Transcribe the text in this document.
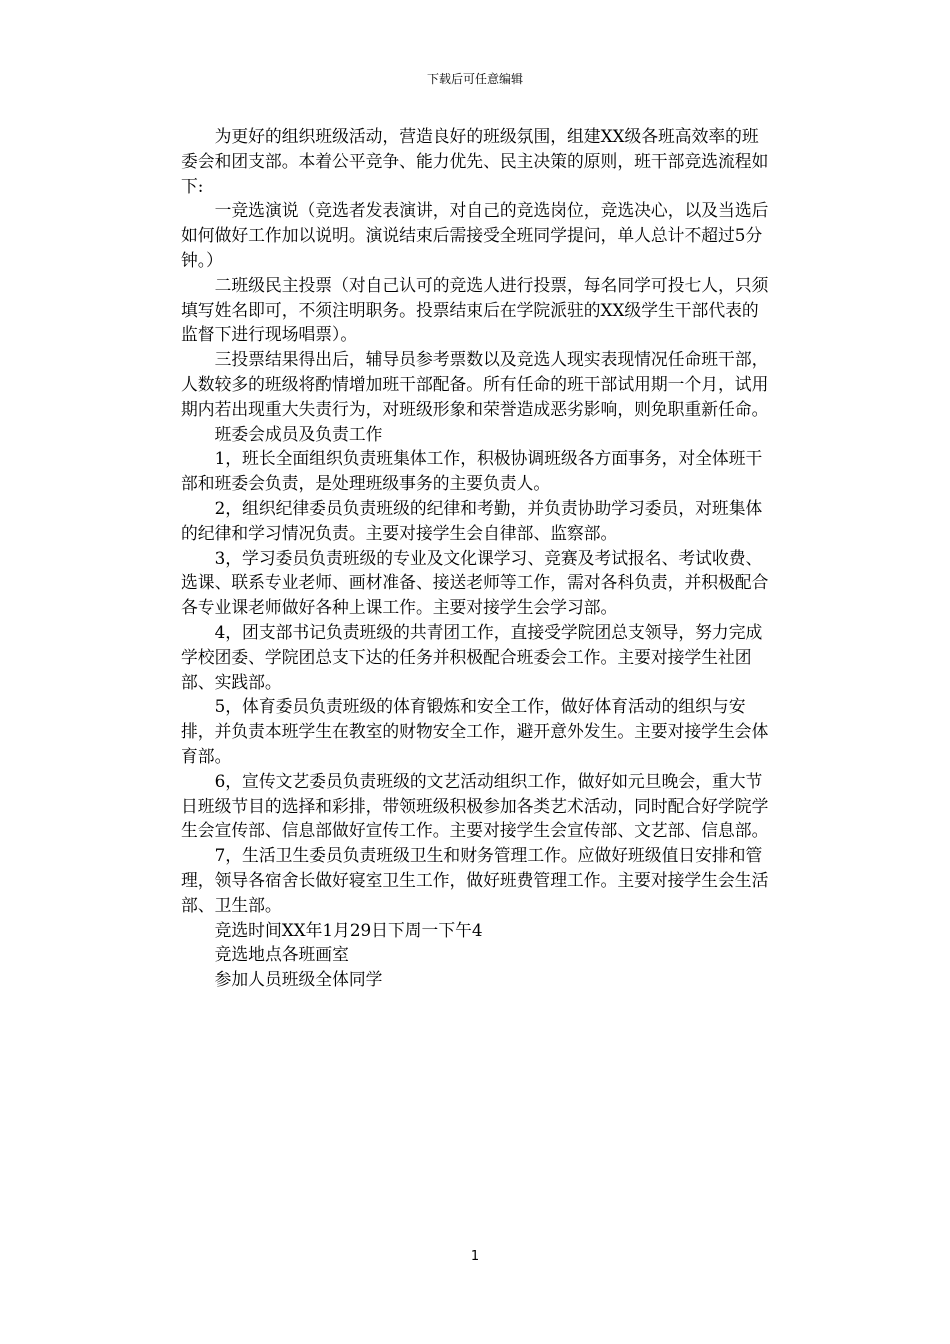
下载后可任意编辑

为更好的组织班级活动，营造良好的班级氛围，组建XX级各班高效率的班委会和团支部。本着公平竞争、能力优先、民主决策的原则，班干部竞选流程如下:

一竞选演说（竞选者发表演讲，对自己的竞选岗位，竞选决心，以及当选后如何做好工作加以说明。演说结束后需接受全班同学提问，单人总计不超过5分钟。）

二班级民主投票（对自己认可的竞选人进行投票，每名同学可投七人，只须填写姓名即可，不须注明职务。投票结束后在学院派驻的XX级学生干部代表的监督下进行现场唱票）。

三投票结果得出后，辅导员参考票数以及竞选人现实表现情况任命班干部，人数较多的班级将酌情增加班干部配备。所有任命的班干部试用期一个月，试用期内若出现重大失责行为，对班级形象和荣誉造成恶劣影响，则免职重新任命。

班委会成员及负责工作

1，班长全面组织负责班集体工作，积极协调班级各方面事务，对全体班干部和班委会负责，是处理班级事务的主要负责人。

2，组织纪律委员负责班级的纪律和考勤，并负责协助学习委员，对班集体的纪律和学习情况负责。主要对接学生会自律部、监察部。

3，学习委员负责班级的专业及文化课学习、竞赛及考试报名、考试收费、选课、联系专业老师、画材准备、接送老师等工作，需对各科负责，并积极配合各专业课老师做好各种上课工作。主要对接学生会学习部。

4，团支部书记负责班级的共青团工作，直接受学院团总支领导，努力完成学校团委、学院团总支下达的任务并积极配合班委会工作。主要对接学生社团部、实践部。

5，体育委员负责班级的体育锻炼和安全工作，做好体育活动的组织与安排，并负责本班学生在教室的财物安全工作，避开意外发生。主要对接学生会体育部。

6，宣传文艺委员负责班级的文艺活动组织工作，做好如元旦晚会，重大节日班级节目的选择和彩排，带领班级积极参加各类艺术活动，同时配合好学院学生会宣传部、信息部做好宣传工作。主要对接学生会宣传部、文艺部、信息部。

7，生活卫生委员负责班级卫生和财务管理工作。应做好班级值日安排和管理，领导各宿舍长做好寝室卫生工作，做好班费管理工作。主要对接学生会生活部、卫生部。

竞选时间XX年1月29日下周一下午4

竞选地点各班画室

参加人员班级全体同学

1
